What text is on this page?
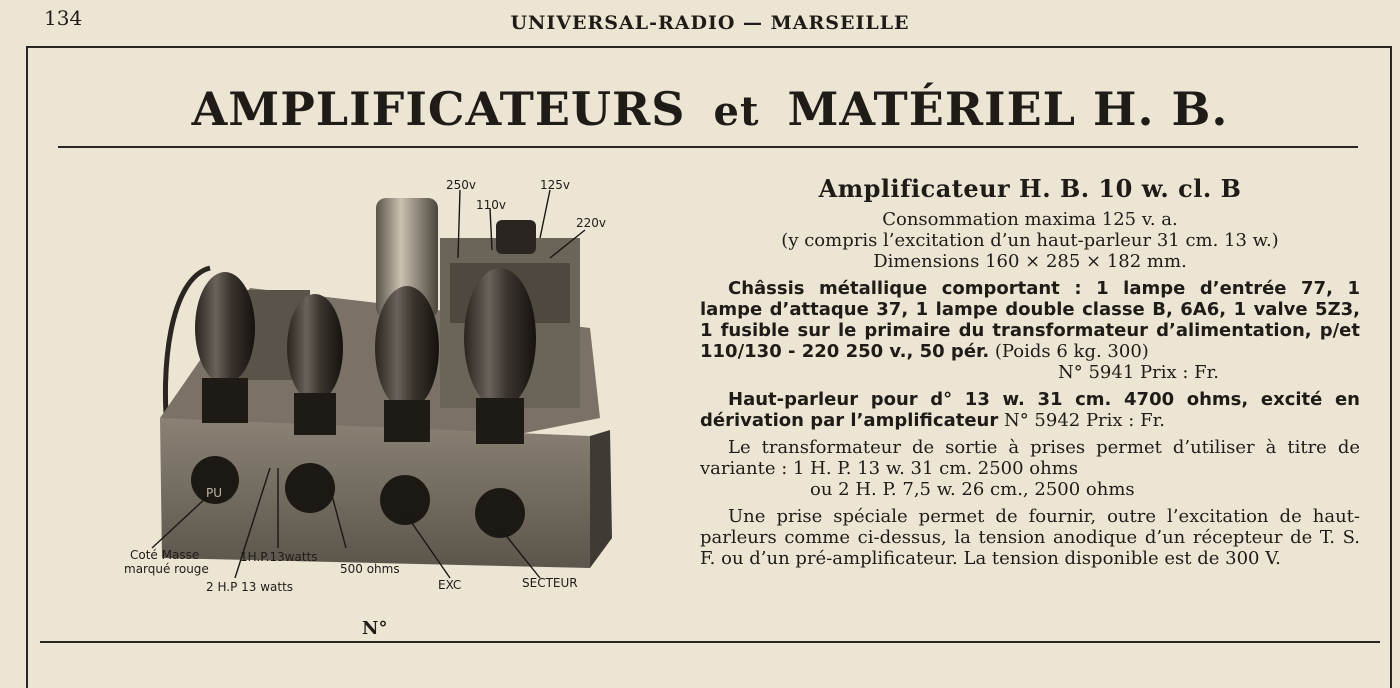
134	UNIVERSAL-RADIO — MARSEILLE
AMPLIFICATEURS et MATÉRIEL H. B.
250v
110v
125v
220v
PU
Coté Masse
marqué rouge
1H.P.13watts
2 H.P 13 watts
500 ohms
EXC	SECTEUR
N°
Amplificateur H. B. 10 w. cl. B
Consommation maxima 125 v. a.
(y compris l’excitation d’un haut-parleur 31 cm. 13 w.)
Dimensions 160 × 285 × 182 mm.
Châssis métallique comportant : 1 lampe d’entrée 77, 1 lampe d’attaque 37, 1 lampe double classe B, 6A6, 1 valve 5Z3, 1 fusible sur le primaire du transformateur d’alimentation, p/et 110/130 - 220 250 v., 50 pér. (Poids 6 kg. 300)
N° 5941 Prix : Fr.
Haut-parleur pour d° 13 w. 31 cm. 4700 ohms, excité en dérivation par l’amplificateur N° 5942 Prix : Fr.
Le transformateur de sortie à prises permet d’utiliser à titre de variante : 1 H. P. 13 w. 31 cm. 2500 ohms
ou 2 H. P. 7,5 w. 26 cm., 2500 ohms
Une prise spéciale permet de fournir, outre l’excitation de haut-parleurs comme ci-dessus, la tension anodique d’un récepteur de T. S. F. ou d’un pré-amplificateur. La tension disponible est de 300 V.
